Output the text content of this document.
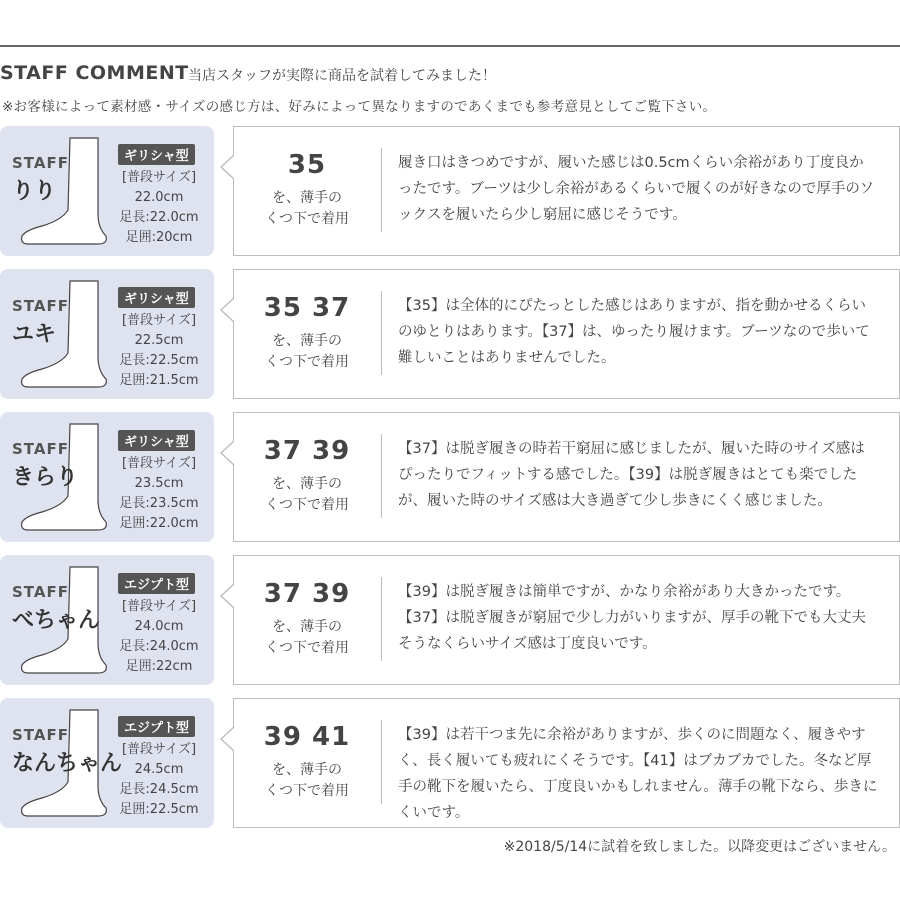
STAFF COMMENT 当店スタッフが実際に商品を試着してみました！
※お客様によって素材感・サイズの感じ方は、好みによって異なりますのであくまでも参考意見としてご覧下さい。
STAFF
りり
ギリシャ型
[普段サイズ]
22.0cm
足長:22.0cm
足囲:20cm
35
を、薄手の
くつ下で着用
履き口はきつめですが、履いた感じは0.5cmくらい余裕があり丁度良かったです。ブーツは少し余裕があるくらいで履くのが好きなので厚手のソックスを履いたら少し窮屈に感じそうです。
STAFF
ユキ
ギリシャ型
[普段サイズ]
22.5cm
足長:22.5cm
足囲:21.5cm
35 37
を、薄手の
くつ下で着用
【35】は全体的にぴたっとした感じはありますが、指を動かせるくらいのゆとりはあります。【37】は、ゆったり履けます。ブーツなので歩いて難しいことはありませんでした。
STAFF
きらり
ギリシャ型
[普段サイズ]
23.5cm
足長:23.5cm
足囲:22.0cm
37 39
を、薄手の
くつ下で着用
【37】は脱ぎ履きの時若干窮屈に感じましたが、履いた時のサイズ感はぴったりでフィットする感でした。【39】は脱ぎ履きはとても楽でしたが、履いた時のサイズ感は大き過ぎて少し歩きにくく感じました。
STAFF
べちゃん
エジプト型
[普段サイズ]
24.0cm
足長:24.0cm
足囲:22cm
37 39
を、薄手の
くつ下で着用
【39】は脱ぎ履きは簡単ですが、かなり余裕があり大きかったです。【37】は脱ぎ履きが窮屈で少し力がいりますが、厚手の靴下でも大丈夫そうなくらいサイズ感は丁度良いです。
STAFF
なんちゃん
エジプト型
[普段サイズ]
24.5cm
足長:24.5cm
足囲:22.5cm
39 41
を、薄手の
くつ下で着用
【39】は若干つま先に余裕がありますが、歩くのに問題なく、履きやすく、長く履いても疲れにくそうです。【41】はブカブカでした。冬など厚手の靴下を履いたら、丁度良いかもしれません。薄手の靴下なら、歩きにくいです。
※2018/5/14に試着を致しました。以降変更はございません。
